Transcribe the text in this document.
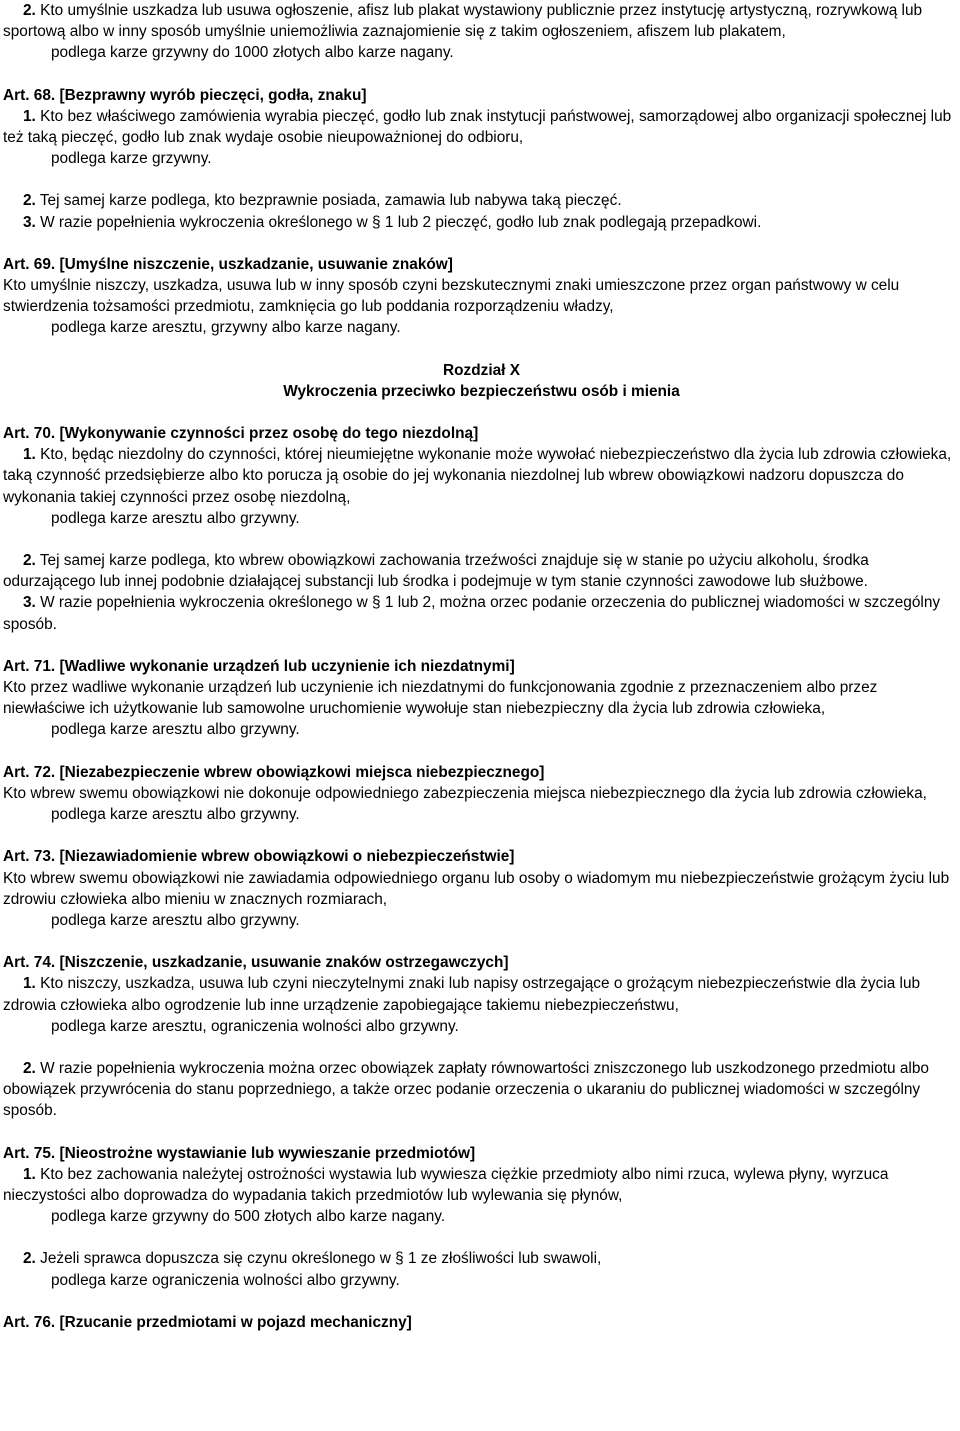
2. Kto umyślnie uszkadza lub usuwa ogłoszenie, afisz lub plakat wystawiony publicznie przez instytucję artystyczną, rozrywkową lub sportową albo w inny sposób umyślnie uniemożliwia zaznajomienie się z takim ogłoszeniem, afiszem lub plakatem,

podlega karze grzywny do 1000 złotych albo karze nagany.

Art. 68. [Bezprawny wyrób pieczęci, godła, znaku]

1. Kto bez właściwego zamówienia wyrabia pieczęć, godło lub znak instytucji państwowej, samorządowej albo organizacji społecznej lub też taką pieczęć, godło lub znak wydaje osobie nieupoważnionej do odbioru,

podlega karze grzywny.

2. Tej samej karze podlega, kto bezprawnie posiada, zamawia lub nabywa taką pieczęć.

3. W razie popełnienia wykroczenia określonego w § 1 lub 2 pieczęć, godło lub znak podlegają przepadkowi.

Art. 69. [Umyślne niszczenie, uszkadzanie, usuwanie znaków]

Kto umyślnie niszczy, uszkadza, usuwa lub w inny sposób czyni bezskutecznymi znaki umieszczone przez organ państwowy w celu stwierdzenia tożsamości przedmiotu, zamknięcia go lub poddania rozporządzeniu władzy,

podlega karze aresztu, grzywny albo karze nagany.

Rozdział X

Wykroczenia przeciwko bezpieczeństwu osób i mienia

Art. 70. [Wykonywanie czynności przez osobę do tego niezdolną]

1. Kto, będąc niezdolny do czynności, której nieumiejętne wykonanie może wywołać niebezpieczeństwo dla życia lub zdrowia człowieka, taką czynność przedsiębierze albo kto porucza ją osobie do jej wykonania niezdolnej lub wbrew obowiązkowi nadzoru dopuszcza do wykonania takiej czynności przez osobę niezdolną,

podlega karze aresztu albo grzywny.

2. Tej samej karze podlega, kto wbrew obowiązkowi zachowania trzeźwości znajduje się w stanie po użyciu alkoholu, środka odurzającego lub innej podobnie działającej substancji lub środka i podejmuje w tym stanie czynności zawodowe lub służbowe.

3. W razie popełnienia wykroczenia określonego w § 1 lub 2, można orzec podanie orzeczenia do publicznej wiadomości w szczególny sposób.

Art. 71. [Wadliwe wykonanie urządzeń lub uczynienie ich niezdatnymi]

Kto przez wadliwe wykonanie urządzeń lub uczynienie ich niezdatnymi do funkcjonowania zgodnie z przeznaczeniem albo przez niewłaściwe ich użytkowanie lub samowolne uruchomienie wywołuje stan niebezpieczny dla życia lub zdrowia człowieka,

podlega karze aresztu albo grzywny.

Art. 72. [Niezabezpieczenie wbrew obowiązkowi miejsca niebezpiecznego]

Kto wbrew swemu obowiązkowi nie dokonuje odpowiedniego zabezpieczenia miejsca niebezpiecznego dla życia lub zdrowia człowieka,

podlega karze aresztu albo grzywny.

Art. 73. [Niezawiadomienie wbrew obowiązkowi o niebezpieczeństwie]

Kto wbrew swemu obowiązkowi nie zawiadamia odpowiedniego organu lub osoby o wiadomym mu niebezpieczeństwie grożącym życiu lub zdrowiu człowieka albo mieniu w znacznych rozmiarach,

podlega karze aresztu albo grzywny.

Art. 74. [Niszczenie, uszkadzanie, usuwanie znaków ostrzegawczych]

1. Kto niszczy, uszkadza, usuwa lub czyni nieczytelnymi znaki lub napisy ostrzegające o grożącym niebezpieczeństwie dla życia lub zdrowia człowieka albo ogrodzenie lub inne urządzenie zapobiegające takiemu niebezpieczeństwu,

podlega karze aresztu, ograniczenia wolności albo grzywny.

2. W razie popełnienia wykroczenia można orzec obowiązek zapłaty równowartości zniszczonego lub uszkodzonego przedmiotu albo obowiązek przywrócenia do stanu poprzedniego, a także orzec podanie orzeczenia o ukaraniu do publicznej wiadomości w szczególny sposób.

Art. 75. [Nieostrożne wystawianie lub wywieszanie przedmiotów]

1. Kto bez zachowania należytej ostrożności wystawia lub wywiesza ciężkie przedmioty albo nimi rzuca, wylewa płyny, wyrzuca nieczystości albo doprowadza do wypadania takich przedmiotów lub wylewania się płynów,

podlega karze grzywny do 500 złotych albo karze nagany.

2. Jeżeli sprawca dopuszcza się czynu określonego w § 1 ze złośliwości lub swawoli,

podlega karze ograniczenia wolności albo grzywny.

Art. 76. [Rzucanie przedmiotami w pojazd mechaniczny]
